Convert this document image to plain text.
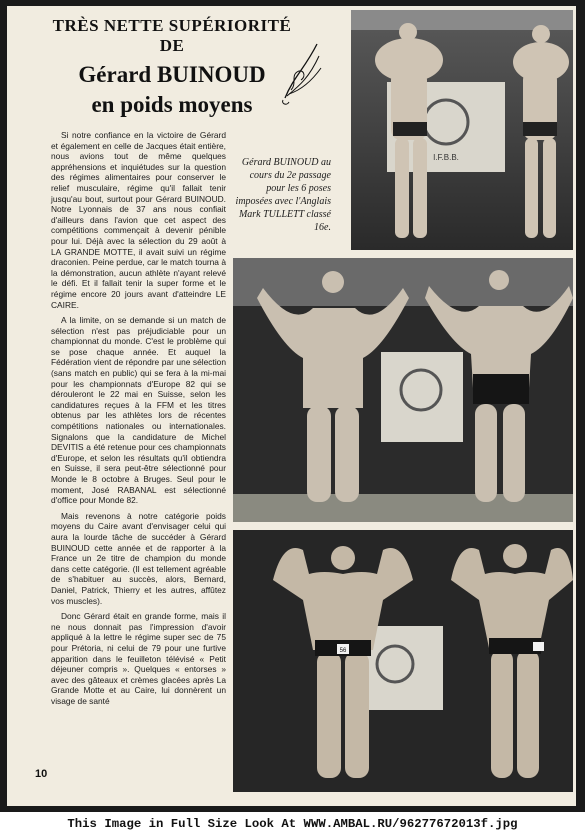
TRÈS NETTE SUPÉRIORITÉ DE
Gérard BUINOUD
en poids moyens

Si notre confiance en la victoire de Gérard et également en celle de Jacques était entière, nous avions tout de même quelques appréhensions et inquiétudes sur la question des régimes alimentaires pour conserver le relief musculaire, régime qu'il fallait tenir jusqu'au bout, surtout pour Gérard BUINOUD. Notre Lyonnais de 37 ans nous confiait d'ailleurs dans l'avion que cet aspect des compétitions commençait à devenir pénible pour lui. Déjà avec la sélection du 29 août à LA GRANDE MOTTE, il avait suivi un régime draconien. Peine perdue, car le match tourna à la démonstration, aucun athlète n'ayant relevé le défi. Et il fallait tenir la super forme et le régime encore 20 jours avant d'atteindre LE CAIRE.

A la limite, on se demande si un match de sélection n'est pas préjudiciable pour un championnat du monde. C'est le problème qui se pose chaque année. Et auquel la Fédération vient de répondre par une sélection (sans match en public) qui se fera à la mi-mai pour les championnats d'Europe 82 qui se dérouleront le 22 mai en Suisse, selon les candidatures reçues à la FFM et les titres obtenus par les athlètes lors de récentes compétitions nationales ou internationales. Signalons que la candidature de Michel DEVITIS a été retenue pour ces championnats d'Europe, et selon les résultats qu'il obtiendra en Suisse, il sera peut-être sélectionné pour Monde le 8 octobre à Bruges. Seul pour le moment, José RABANAL est sélectionné d'office pour Monde 82.

Mais revenons à notre catégorie poids moyens du Caire avant d'envisager celui qui aura la lourde tâche de succéder à Gérard BUINOUD cette année et de rapporter à la France un 2e titre de champion du monde dans cette catégorie. (Il est tellement agréable de s'habituer au succès, alors, Bernard, Daniel, Patrick, Thierry et les autres, affûtez vos muscles).

Donc Gérard était en grande forme, mais il ne nous donnait pas l'impression d'avoir appliqué à la lettre le régime super sec de 75 pour Prétoria, ni celui de 79 pour une furtive apparition dans le feuilleton télévisé « Petit déjeuner compris ». Quelques « entorses » avec des gâteaux et crèmes glacées après La Grande Motte et au Caire, lui donnèrent un visage de santé

Gérard BUINOUD au cours du 2e passage pour les 6 poses imposées avec l'Anglais Mark TULLETT classé 16e.
10
I.F.B.B.
56
This Image in Full Size Look At WWW.AMBAL.RU/96277672013f.jpg
